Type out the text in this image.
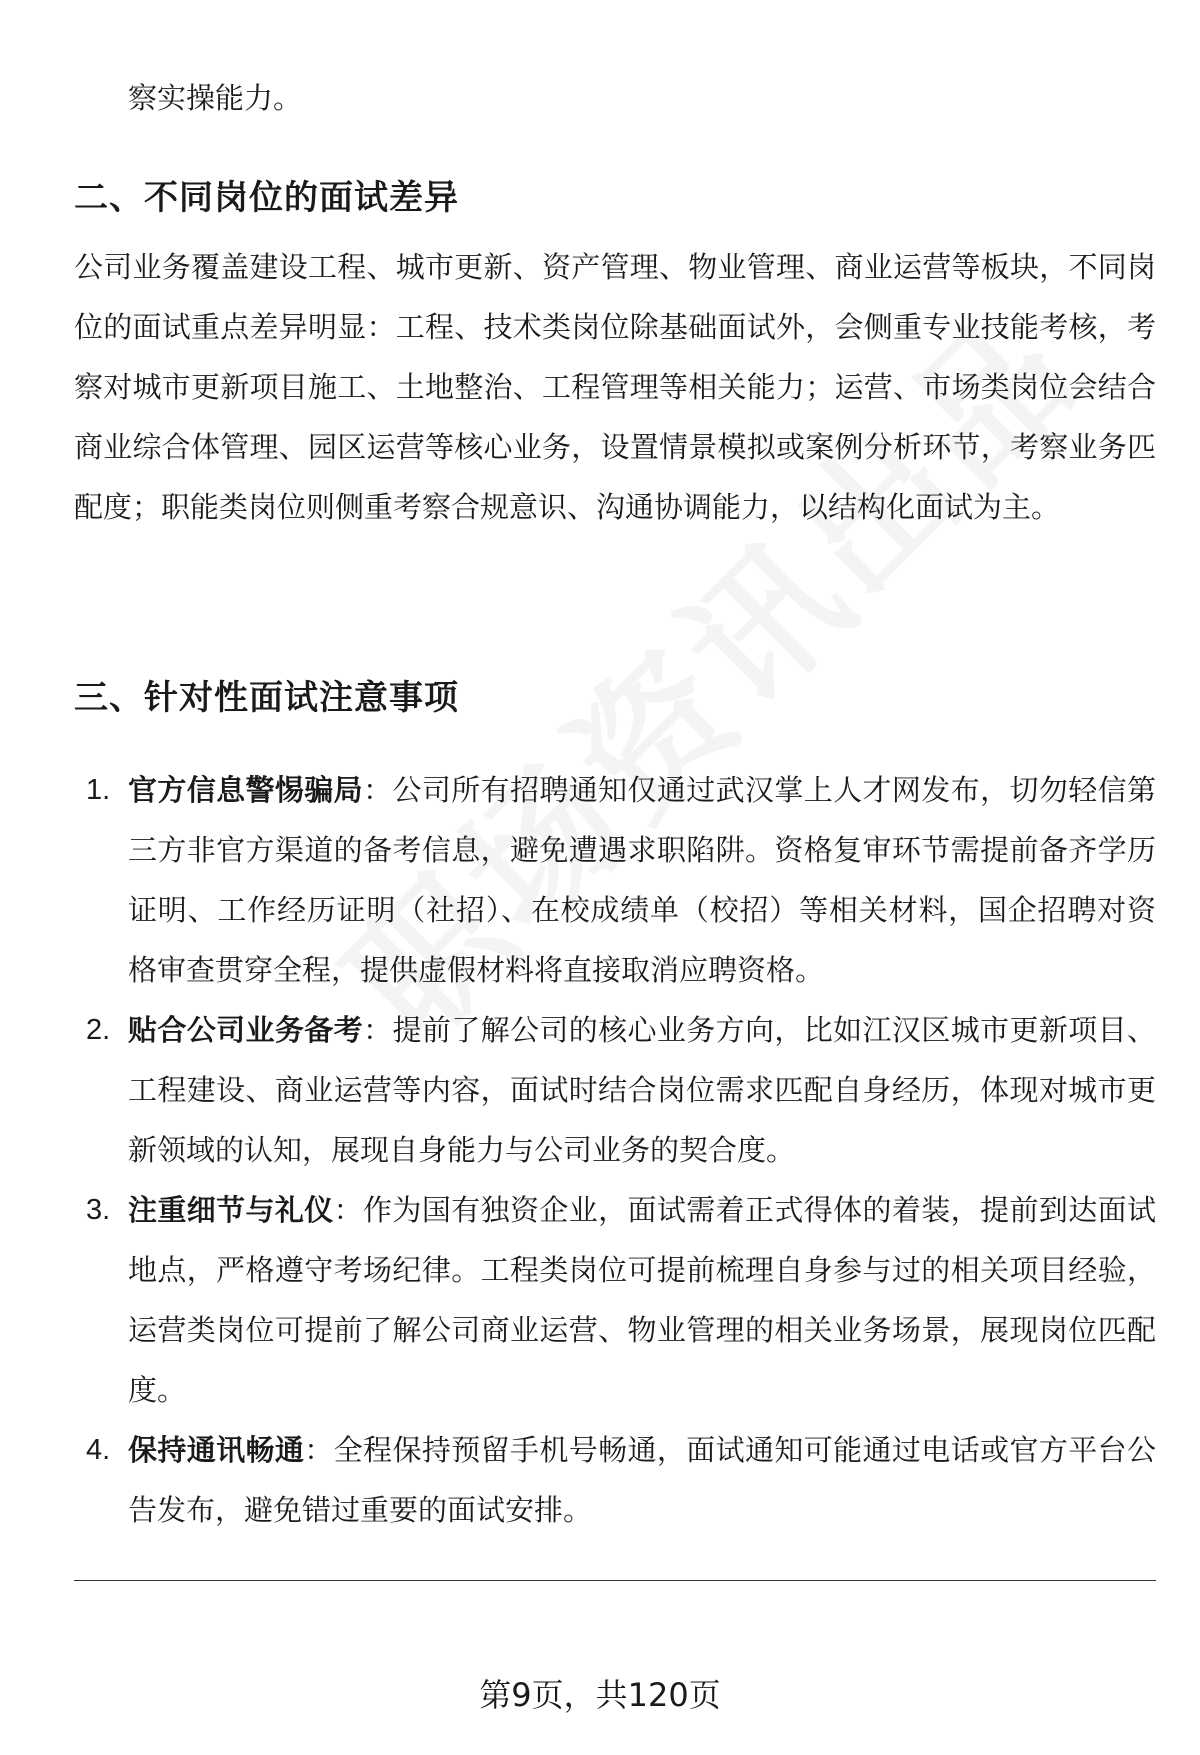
察实操能力。
二、不同岗位的面试差异
公司业务覆盖建设工程、城市更新、资产管理、物业管理、商业运营等板块，不同岗位的面试重点差异明显：工程、技术类岗位除基础面试外，会侧重专业技能考核，考察对城市更新项目施工、土地整治、工程管理等相关能力；运营、市场类岗位会结合商业综合体管理、园区运营等核心业务，设置情景模拟或案例分析环节，考察业务匹配度；职能类岗位则侧重考察合规意识、沟通协调能力，以结构化面试为主。
三、针对性面试注意事项
1. 官方信息警惕骗局：公司所有招聘通知仅通过武汉掌上人才网发布，切勿轻信第三方非官方渠道的备考信息，避免遭遇求职陷阱。资格复审环节需提前备齐学历证明、工作经历证明（社招）、在校成绩单（校招）等相关材料，国企招聘对资格审查贯穿全程，提供虚假材料将直接取消应聘资格。
2. 贴合公司业务备考：提前了解公司的核心业务方向，比如江汉区城市更新项目、工程建设、商业运营等内容，面试时结合岗位需求匹配自身经历，体现对城市更新领域的认知，展现自身能力与公司业务的契合度。
3. 注重细节与礼仪：作为国有独资企业，面试需着正式得体的着装，提前到达面试地点，严格遵守考场纪律。工程类岗位可提前梳理自身参与过的相关项目经验，运营类岗位可提前了解公司商业运营、物业管理的相关业务场景，展现岗位匹配度。
4. 保持通讯畅通：全程保持预留手机号畅通，面试通知可能通过电话或官方平台公告发布，避免错过重要的面试安排。
第9页，共120页
